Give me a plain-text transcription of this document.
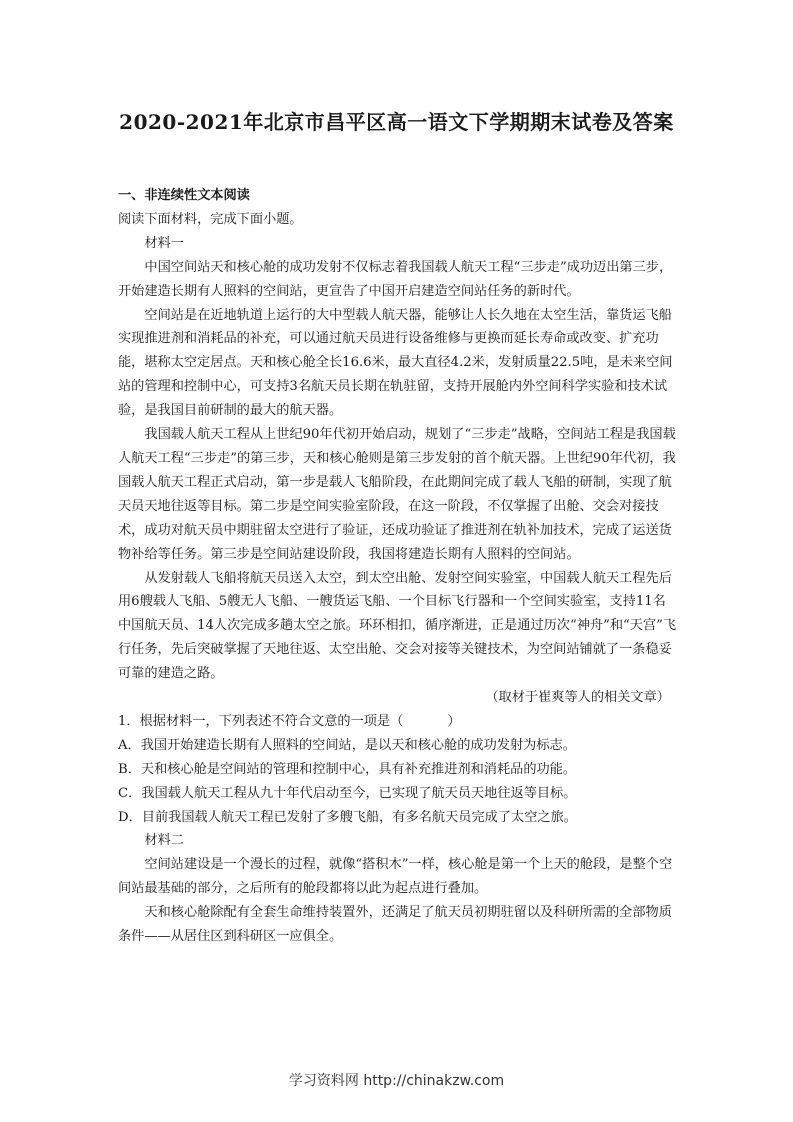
2020-2021年北京市昌平区高一语文下学期期末试卷及答案

一、非连续性文本阅读

阅读下面材料，完成下面小题。

材料一

中国空间站天和核心舱的成功发射不仅标志着我国载人航天工程“三步走”成功迈出第三步，开始建造长期有人照料的空间站，更宣告了中国开启建造空间站任务的新时代。

空间站是在近地轨道上运行的大中型载人航天器，能够让人长久地在太空生活，靠货运飞船实现推进剂和消耗品的补充，可以通过航天员进行设备维修与更换而延长寿命或改变、扩充功能，堪称太空定居点。天和核心舱全长16.6米，最大直径4.2米，发射质量22.5吨，是未来空间站的管理和控制中心，可支持3名航天员长期在轨驻留，支持开展舱内外空间科学实验和技术试验，是我国目前研制的最大的航天器。

我国载人航天工程从上世纪90年代初开始启动，规划了“三步走”战略，空间站工程是我国载人航天工程“三步走”的第三步，天和核心舱则是第三步发射的首个航天器。上世纪90年代初，我国载人航天工程正式启动，第一步是载人飞船阶段，在此期间完成了载人飞船的研制，实现了航天员天地往返等目标。第二步是空间实验室阶段，在这一阶段，不仅掌握了出舱、交会对接技术，成功对航天员中期驻留太空进行了验证，还成功验证了推进剂在轨补加技术，完成了运送货物补给等任务。第三步是空间站建设阶段，我国将建造长期有人照料的空间站。

从发射载人飞船将航天员送入太空，到太空出舱、发射空间实验室，中国载人航天工程先后用6艘载人飞船、5艘无人飞船、一艘货运飞船、一个目标飞行器和一个空间实验室，支持11名中国航天员、14人次完成多趟太空之旅。环环相扣，循序渐进，正是通过历次“神舟”和“天宫”飞行任务，先后突破掌握了天地往返、太空出舱、交会对接等关键技术，为空间站铺就了一条稳妥可靠的建造之路。

（取材于崔爽等人的相关文章）

1．根据材料一，下列表述不符合文意的一项是（	）

A．我国开始建造长期有人照料的空间站，是以天和核心舱的成功发射为标志。

B．天和核心舱是空间站的管理和控制中心，具有补充推进剂和消耗品的功能。

C．我国载人航天工程从九十年代启动至今，已实现了航天员天地往返等目标。

D．目前我国载人航天工程已发射了多艘飞船，有多名航天员完成了太空之旅。

材料二

空间站建设是一个漫长的过程，就像“搭积木”一样，核心舱是第一个上天的舱段，是整个空间站最基础的部分，之后所有的舱段都将以此为起点进行叠加。

天和核心舱除配有全套生命维持装置外，还满足了航天员初期驻留以及科研所需的全部物质条件——从居住区到科研区一应俱全。

学习资料网 http://chinakzw.com
